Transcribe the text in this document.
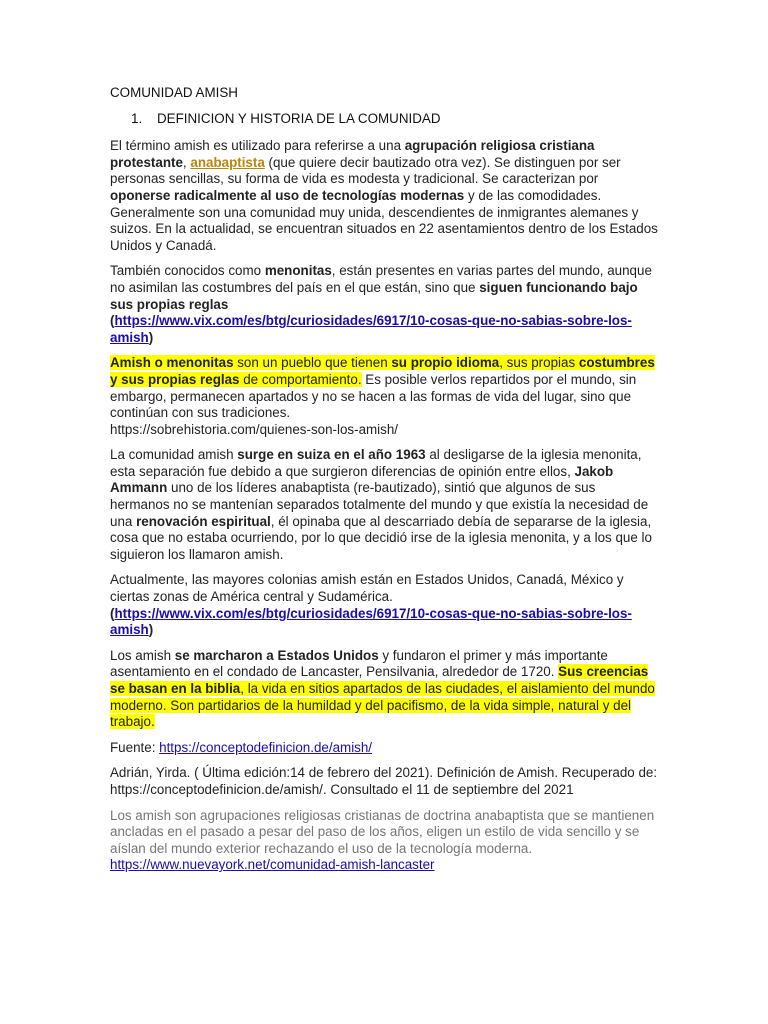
COMUNIDAD AMISH
1. DEFINICION Y HISTORIA DE LA COMUNIDAD

El término amish es utilizado para referirse a una agrupación religiosa cristiana protestante, anabaptista (que quiere decir bautizado otra vez). Se distinguen por ser personas sencillas, su forma de vida es modesta y tradicional. Se caracterizan por oponerse radicalmente al uso de tecnologías modernas y de las comodidades. Generalmente son una comunidad muy unida, descendientes de inmigrantes alemanes y suizos. En la actualidad, se encuentran situados en 22 asentamientos dentro de los Estados Unidos y Canadá.

También conocidos como menonitas, están presentes en varias partes del mundo, aunque no asimilan las costumbres del país en el que están, sino que siguen funcionando bajo sus propias reglas
(https://www.vix.com/es/btg/curiosidades/6917/10-cosas-que-no-sabias-sobre-los-amish)

Amish o menonitas son un pueblo que tienen su propio idioma, sus propias costumbres y sus propias reglas de comportamiento. Es posible verlos repartidos por el mundo, sin embargo, permanecen apartados y no se hacen a las formas de vida del lugar, sino que continúan con sus tradiciones.
https://sobrehistoria.com/quienes-son-los-amish/

La comunidad amish surge en suiza en el año 1963 al desligarse de la iglesia menonita, esta separación fue debido a que surgieron diferencias de opinión entre ellos, Jakob Ammann uno de los líderes anabaptista (re-bautizado), sintió que algunos de sus hermanos no se mantenían separados totalmente del mundo y que existía la necesidad de una renovación espiritual, él opinaba que al descarriado debía de separarse de la iglesia, cosa que no estaba ocurriendo, por lo que decidió irse de la iglesia menonita, y a los que lo siguieron los llamaron amish.

Actualmente, las mayores colonias amish están en Estados Unidos, Canadá, México y ciertas zonas de América central y Sudamérica.
(https://www.vix.com/es/btg/curiosidades/6917/10-cosas-que-no-sabias-sobre-los-amish)

Los amish se marcharon a Estados Unidos y fundaron el primer y más importante asentamiento en el condado de Lancaster, Pensilvania, alrededor de 1720. Sus creencias se basan en la biblia, la vida en sitios apartados de las ciudades, el aislamiento del mundo moderno. Son partidarios de la humildad y del pacifismo, de la vida simple, natural y del trabajo.

Fuente: https://conceptodefinicion.de/amish/

Adrián, Yirda. ( Última edición:14 de febrero del 2021). Definición de Amish. Recuperado de: https://conceptodefinicion.de/amish/. Consultado el 11 de septiembre del 2021

Los amish son agrupaciones religiosas cristianas de doctrina anabaptista que se mantienen ancladas en el pasado a pesar del paso de los años, eligen un estilo de vida sencillo y se aíslan del mundo exterior rechazando el uso de la tecnología moderna. https://www.nuevayork.net/comunidad-amish-lancaster
